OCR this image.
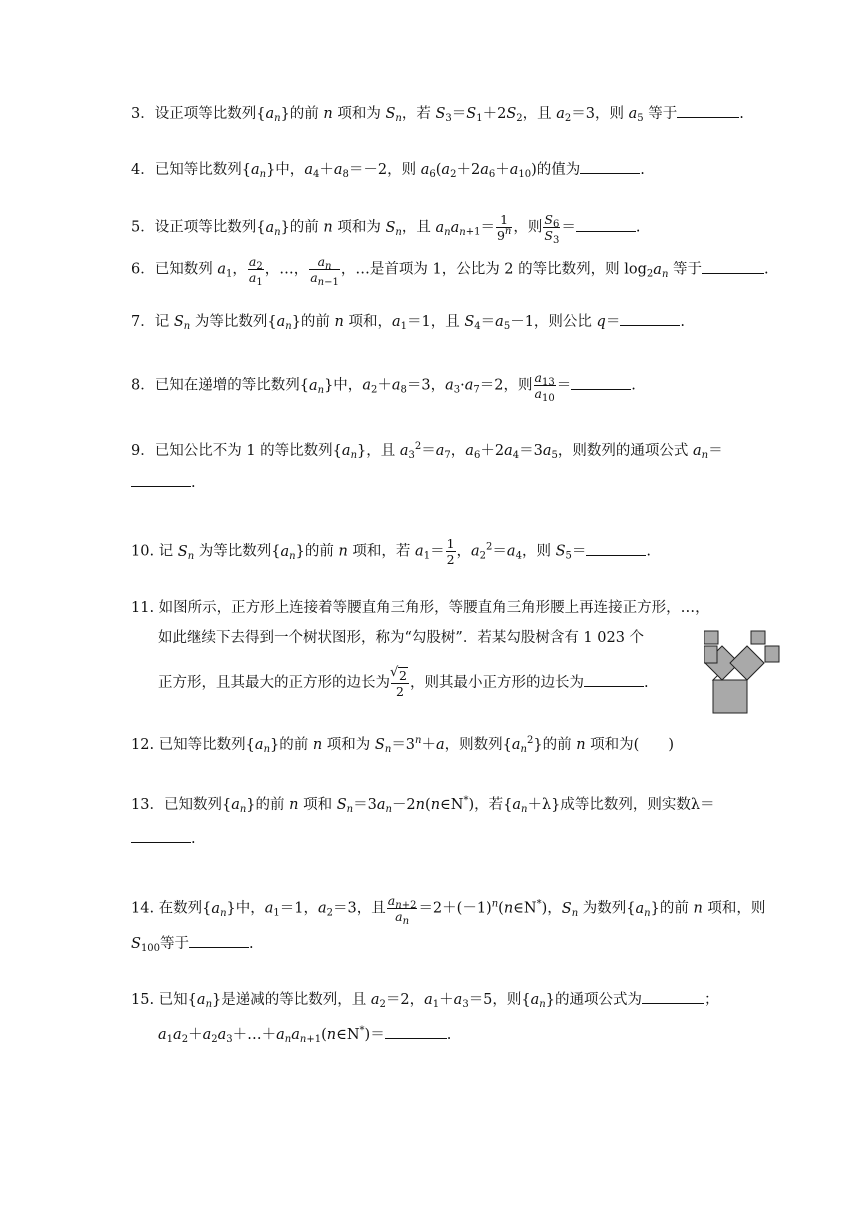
3．设正项等比数列$\{a_n\}$的前 n 项和为 $S_n$，若 $S_3=S_1+2S_2$，且 $a_2=3$，则 $a_5$ 等于	.
4．已知等比数列$\{a_n\}$中，$a_4+a_8=-2$，则 $a_6(a_2+2a_6+a_{10})$的值为	.
5．设正项等比数列$\{a_n\}$的前 n 项和为 $S_n$，且 $a_na_{n+1}= \frac{1}{9^n}$ ，则 $\frac{S_6}{S_3}$ ＝	.
6．已知数列 $a_1$， $\frac{a_2}{a_1}$ ，…， $\frac{a_n}{a_{n-1}}$ ，…是首项为 1，公比为 2 的等比数列，则 $\log_2a_n$ 等于	.
7．记 $S_n$ 为等比数列$\{a_n\}$的前 n 项和，$a_1=1$，且 $S_4=a_5-1$，则公比 q＝	.
8．已知在递增的等比数列$\{a_n\}$中，$a_2+a_8=3$，$a_3\cdot a_7=2$，则 $\frac{a_{13}}{a_{10}}$ ＝	.
9．已知公比不为 1 的等比数列$\{a_n\}$，且 $a_3^2=a_7$，$a_6+2a_4=3a_5$，则数列的通项公式 $a_n=$
.
10. 记 $S_n$ 为等比数列$\{a_n\}$的前 n 项和，若 $a_1= \frac{1}{2}$ ，$a_2^2=a_4$，则 $S_5=$	.
11. 如图所示，正方形上连接着等腰直角三角形，等腰直角三角形腰上再连接正方形，…，
如此继续下去得到一个树状图形，称为“勾股树”．若某勾股树含有 1 023 个
正方形，且其最大的正方形的边长为
√ $\frac{2}{2}$ ，则其最小正方形的边长为	.
12. 已知等比数列$\{a_n\}$的前 n 项和为 $S_n=3^n+a$，则数列$\{a_n^2\}$的前 n 项和为(　　)
13．已知数列$\{a_n\}$的前 n 项和 $S_n=3a_n-2n(n\in N^*)$，若$\{a_n+\lambda\}$成等比数列，则实数λ＝
.
14. 在数列$\{a_n\}$中，$a_1=1$，$a_2=3$，且 $\frac{a_{n+2}}{a_n}$ $=2+(-1)^n(n\in N^*)$，$S_n$ 为数列$\{a_n\}$的前 n 项和，则
$S_{100}$等于	.
15. 已知$\{a_n\}$是递减的等比数列，且 $a_2=2$，$a_1+a_3=5$，则$\{a_n\}$的通项公式为	；
$a_1a_2+a_2a_3+\dots+a_na_{n+1}(n\in N^*)=$	.
